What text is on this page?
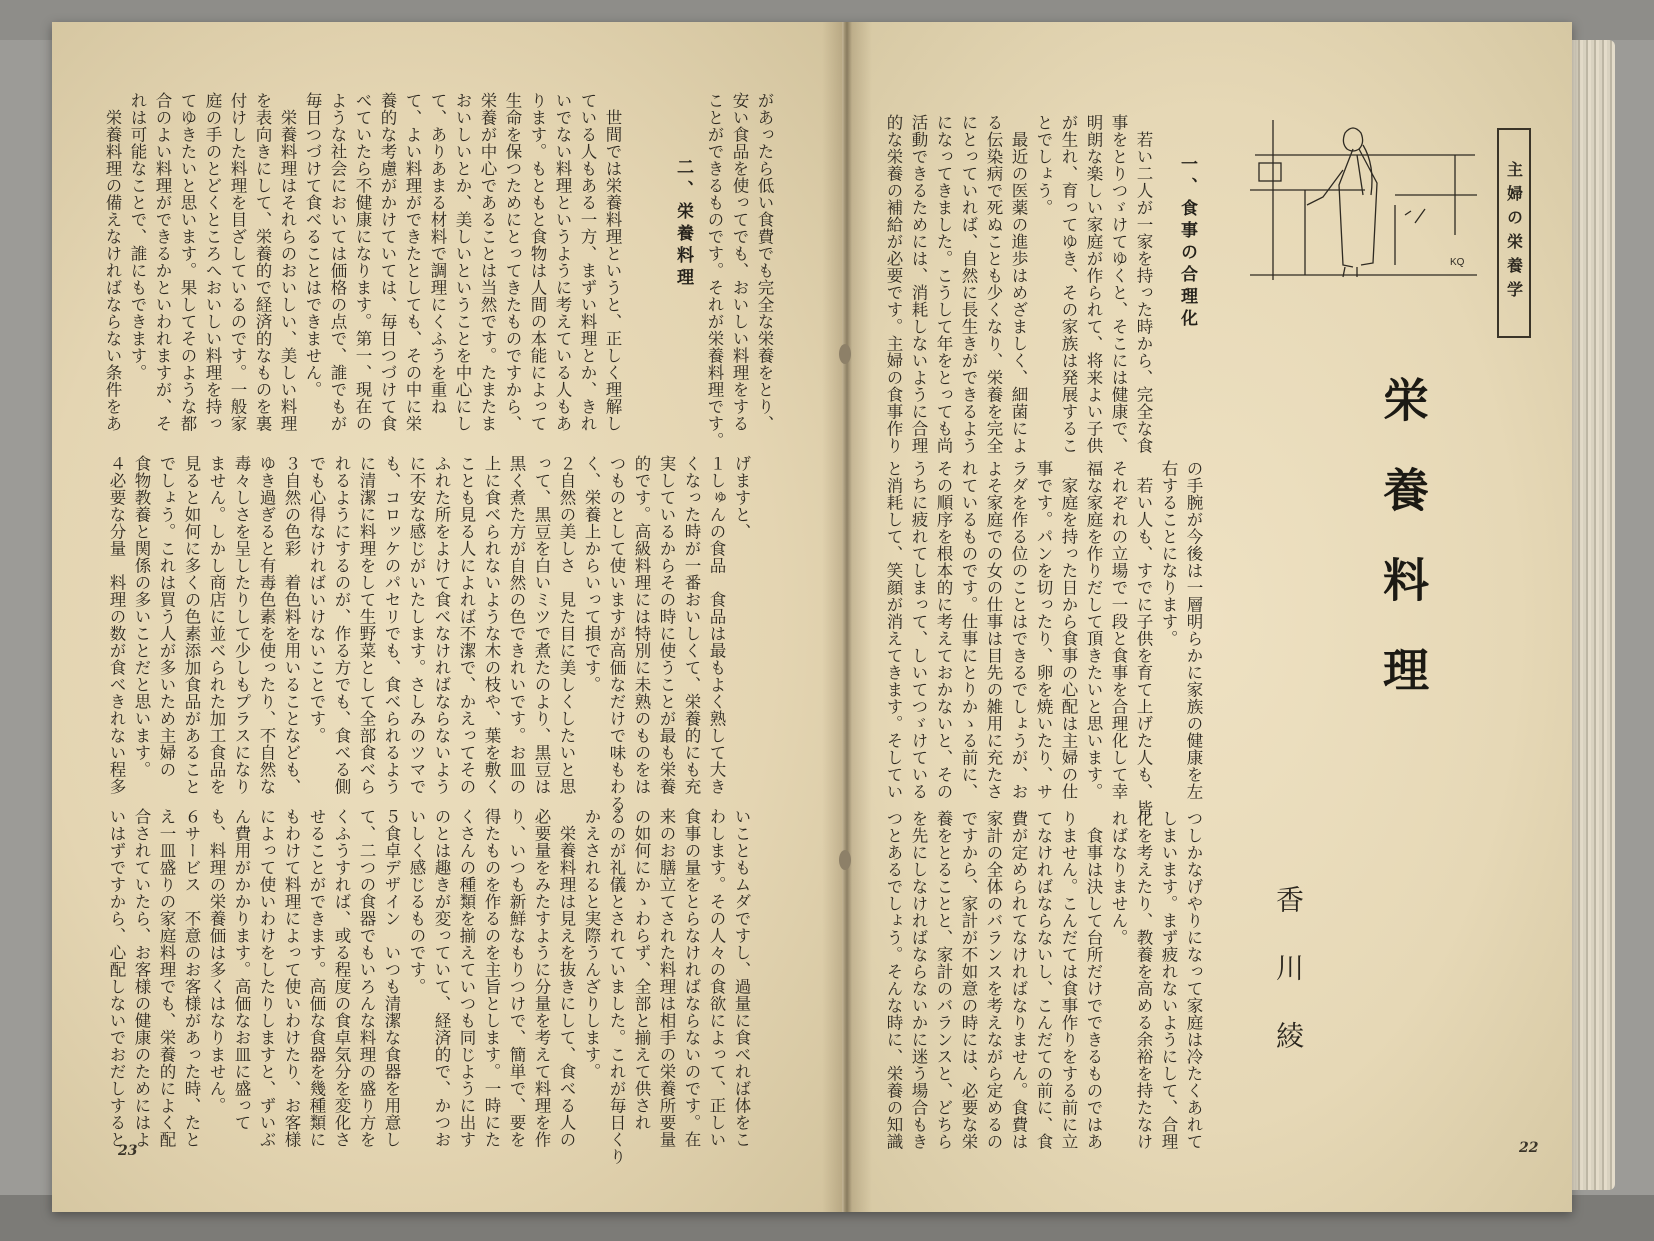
主婦の栄養学
KQ
栄養料理
香川綾
一、食事の合理化
　若い二人が一家を持った時から、完全な食
事をとりつゞけてゆくと、そこには健康で、
明朗な楽しい家庭が作られて、将来よい子供
が生れ、育ってゆき、その家族は発展するこ
とでしょう。
　最近の医薬の進歩はめざましく、細菌によ
る伝染病で死ぬことも少くなり、栄養を完全
にとっていれば、自然に長生きができるよう
になってきました。こうして年をとっても尚
活動できるためには、消耗しないように合理
的な栄養の補給が必要です。主婦の食事作り
の手腕が今後は一層明らかに家族の健康を左
右することになります。
　若い人も、すでに子供を育て上げた人も、皆
それぞれの立場で一段と食事を合理化して幸
福な家庭を作りだして頂きたいと思います。
　家庭を持った日から食事の心配は主婦の仕
事です。パンを切ったり、卵を焼いたり、サ
ラダを作る位のことはできるでしょうが、お
よそ家庭での女の仕事は目先の雑用に充たさ
れているものです。仕事にとりかゝる前に、
その順序を根本的に考えておかないと、その
うちに疲れてしまって、しいてつゞけている
と消耗して、笑顔が消えてきます。そしてい
つしかなげやりになって家庭は冷たくあれて
しまいます。まず疲れないようにして、合理
化を考えたり、教養を高める余裕を持たなけ
ればなりません。
　食事は決して台所だけでできるものではあ
りません。こんだては食事作りをする前に立
てなければならないし、こんだての前に、食
費が定められてなければなりません。食費は
家計の全体のバランスを考えながら定めるの
ですから、家計が不如意の時には、必要な栄
養をとることと、家計のバランスと、どちら
を先にしなければならないかに迷う場合もき
つとあるでしょう。そんな時に、栄養の知識	22
があったら低い食費でも完全な栄養をとり、
安い食品を使ってでも、おいしい料理をする
ことができるものです。それが栄養料理です。
二、栄養料理
　世間では栄養料理というと、正しく理解し
ている人もある一方、まずい料理とか、きれ
いでない料理というように考えている人もあ
ります。もともと食物は人間の本能によって
生命を保つためにとってきたものですから、
栄養が中心であることは当然です。たまたま
おいしいとか、美しいということを中心にし
て、ありあまる材料で調理にくふうを重ね
て、よい料理ができたとしても、その中に栄
養的な考慮がかけていては、毎日つづけて食
べていたら不健康になります。第一、現在の
ような社会においては価格の点で、誰でもが
毎日つづけて食べることはできません。
　栄養料理はそれらのおいしい、美しい料理
を表向きにして、栄養的で経済的なものを裏
付けした料理を目ざしているのです。一般家
庭の手のとどくところへおいしい料理を持っ
てゆきたいと思います。果してそのような都
合のよい料理ができるかといわれますが、そ
れは可能なことで、誰にもできます。
　栄養料理の備えなければならない条件をあ
げますと、
１しゅんの食品　食品は最もよく熟して大き
くなった時が一番おいしくて、栄養的にも充
実しているからその時に使うことが最も栄養
的です。高級料理には特別に未熟のものをは
つものとして使いますが高価なだけで味もわる
く、栄養上からいって損です。
２自然の美しさ　見た目に美しくしたいと思
って、黒豆を白いミツで煮たのより、黒豆は
黒く煮た方が自然の色できれいです。お皿の
上に食べられないような木の枝や、葉を敷く
ことも見る人によれば不潔で、かえってその
ふれた所をよけて食べなければならないよう
に不安な感じがいたします。さしみのツマで
も、コロッケのパセリでも、食べられるよう
に清潔に料理をして生野菜として全部食べら
れるようにするのが、作る方でも、食べる側
でも心得なければいけないことです。
３自然の色彩　着色料を用いることなども、
ゆき過ぎると有毒色素を使ったり、不自然な
毒々しさを呈したりして少しもプラスになり
ません。しかし商店に並べられた加工食品を
見ると如何に多くの色素添加食品があること
でしょう。これは買う人が多いため主婦の
食物教養と関係の多いことだと思います。
４必要な分量　料理の数が食べきれない程多
いこともムダですし、過量に食べれば体をこ
わします。その人々の食欲によって、正しい
食事の量をとらなければならないのです。在
来のお膳立てされた料理は相手の栄養所要量
の如何にかゝわらず、全部と揃えて供され
るのが礼儀とされていました。これが毎日くり
かえされると実際うんざりします。
　栄養料理は見えを抜きにして、食べる人の
必要量をみたすように分量を考えて料理を作
り、いつも新鮮なもりつけで、簡単で、要を
得たものを作るのを主旨とします。一時にた
くさんの種類を揃えていつも同じように出す
のとは趣きが変っていて、経済的で、かつお
いしく感じるものです。
５食卓デザイン　いつも清潔な食器を用意し
て、二つの食器でもいろんな料理の盛り方を
くふうすれば、或る程度の食卓気分を変化さ
せることができます。高価な食器を幾種類に
もわけて料理によって使いわけたり、お客様
によって使いわけをしたりしますと、ずいぶ
ん費用がかかります。高価なお皿に盛って
も、料理の栄養価は多くはなりません。
６サービス　不意のお客様があった時、たと
え一皿盛りの家庭料理でも、栄養的によく配
合されていたら、お客様の健康のためにはよ
いはずですから、心配しないでおだしすると
23
